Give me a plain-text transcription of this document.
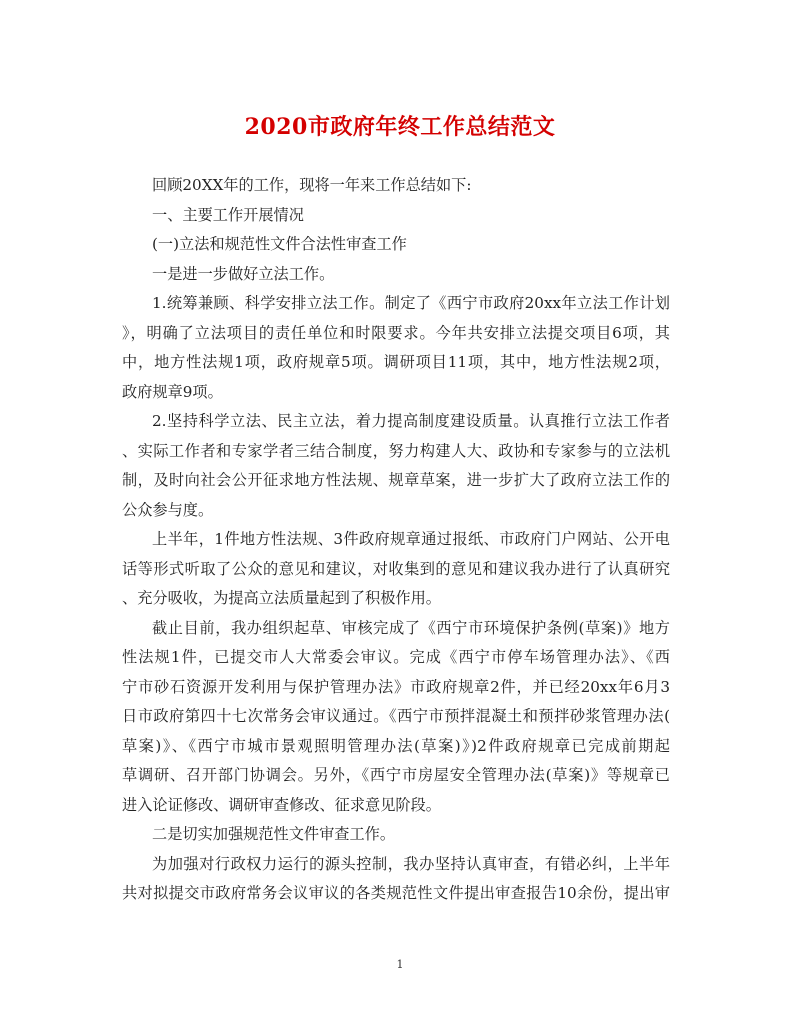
2020市政府年终工作总结范文

回顾20XX年的工作，现将一年来工作总结如下:

一、主要工作开展情况

(一)立法和规范性文件合法性审查工作

一是进一步做好立法工作。

1.统筹兼顾、科学安排立法工作。制定了《西宁市政府20xx年立法工作计划
》，明确了立法项目的责任单位和时限要求。今年共安排立法提交项目6项，其
中，地方性法规1项，政府规章5项。调研项目11项，其中，地方性法规2项，
政府规章9项。
2.坚持科学立法、民主立法，着力提高制度建设质量。认真推行立法工作者
、实际工作者和专家学者三结合制度，努力构建人大、政协和专家参与的立法机
制，及时向社会公开征求地方性法规、规章草案，进一步扩大了政府立法工作的
公众参与度。
上半年，1件地方性法规、3件政府规章通过报纸、市政府门户网站、公开电
话等形式听取了公众的意见和建议，对收集到的意见和建议我办进行了认真研究
、充分吸收，为提高立法质量起到了积极作用。
截止目前，我办组织起草、审核完成了《西宁市环境保护条例(草案)》地方
性法规1件，已提交市人大常委会审议。完成《西宁市停车场管理办法》、《西
宁市砂石资源开发利用与保护管理办法》市政府规章2件，并已经20xx年6月3
日市政府第四十七次常务会审议通过。《西宁市预拌混凝土和预拌砂浆管理办法(
草案)》、《西宁市城市景观照明管理办法(草案)》)2件政府规章已完成前期起
草调研、召开部门协调会。另外，《西宁市房屋安全管理办法(草案)》等规章已
进入论证修改、调研审查修改、征求意见阶段。

二是切实加强规范性文件审查工作。

为加强对行政权力运行的源头控制，我办坚持认真审查，有错必纠，上半年
共对拟提交市政府常务会议审议的各类规范性文件提出审查报告10余份，提出审
1
